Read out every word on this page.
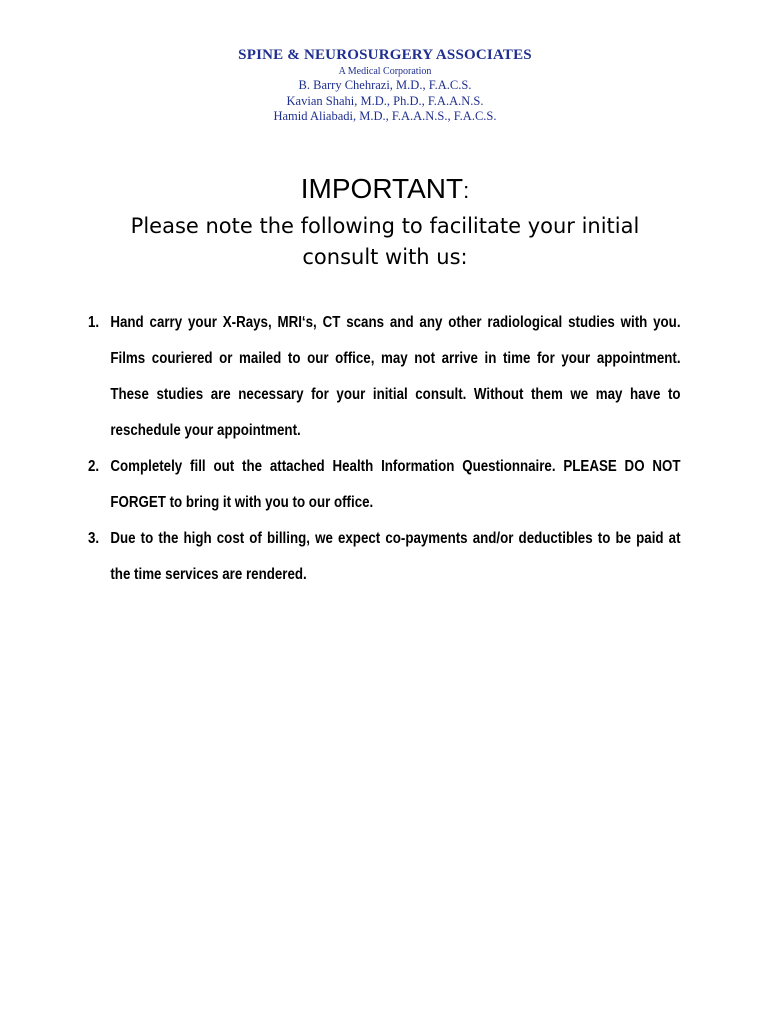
SPINE & NEUROSURGERY ASSOCIATES
A Medical Corporation
B. Barry Chehrazi, M.D., F.A.C.S.
Kavian Shahi, M.D., Ph.D., F.A.A.N.S.
Hamid Aliabadi, M.D., F.A.A.N.S., F.A.C.S.
IMPORTANT:
Please note the following to facilitate your initial
consult with us:
1. Hand carry your X-Rays, MRI‘s, CT scans and any other radiological studies with you. Films couriered or mailed to our office, may not arrive in time for your appointment. These studies are necessary for your initial consult. Without them we may have to reschedule your appointment.
2. Completely fill out the attached Health Information Questionnaire. PLEASE DO NOT FORGET to bring it with you to our office.
3. Due to the high cost of billing, we expect co-payments and/or deductibles to be paid at the time services are rendered.
